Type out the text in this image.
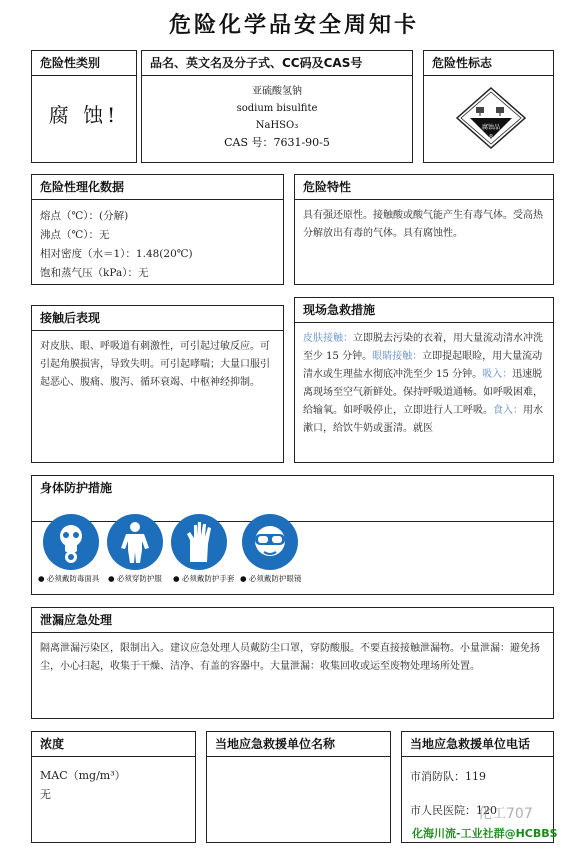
危险化学品安全周知卡
危险性类别
腐 蚀!
品名、英文名及分子式、CC码及CAS号
亚硫酸氢钠
sodium bisulfite
NaHSO₃
CAS 号：7631-90-5
危险性标志
腐蚀品
8
危险性理化数据
熔点（℃）：(分解)
沸点（℃）：无
相对密度（水＝1）：1.48(20℃)
饱和蒸气压（kPa）：无
危险特性
具有强还原性。接触酸或酸气能产生有毒气体。受高热分解放出有毒的气体。具有腐蚀性。
接触后表现
对皮肤、眼、呼吸道有刺激性，可引起过敏反应。可引起角膜损害，导致失明。可引起哮喘；大量口服引起恶心、腹痛、腹泻、循环衰竭、中枢神经抑制。
现场急救措施
皮肤接触：立即脱去污染的衣着，用大量流动清水冲洗至少 15 分钟。眼睛接触：立即提起眼睑，用大量流动清水或生理盐水彻底冲洗至少 15 分钟。吸入：迅速脱离现场至空气新鲜处。保持呼吸道通畅。如呼吸困难，给输氧。如呼吸停止，立即进行人工呼吸。食入：用水漱口，给饮牛奶或蛋清。就医
身体防护措施
● 必须戴防毒面具 ● 必须穿防护服 ● 必须戴防护手套 ● 必须戴防护眼镜
泄漏应急处理
隔离泄漏污染区，限制出入。建议应急处理人员戴防尘口罩，穿防酸服。不要直接接触泄漏物。小量泄漏：避免扬尘，小心扫起，收集于干燥、洁净、有盖的容器中。大量泄漏：收集回收或运至废物处理场所处置。
浓度
MAC（mg/m³）
无
当地应急救援单位名称	当地应急救援单位电话
市消防队：119
市人民医院：120
化工707
化海川流-工业社群@HCBBS
